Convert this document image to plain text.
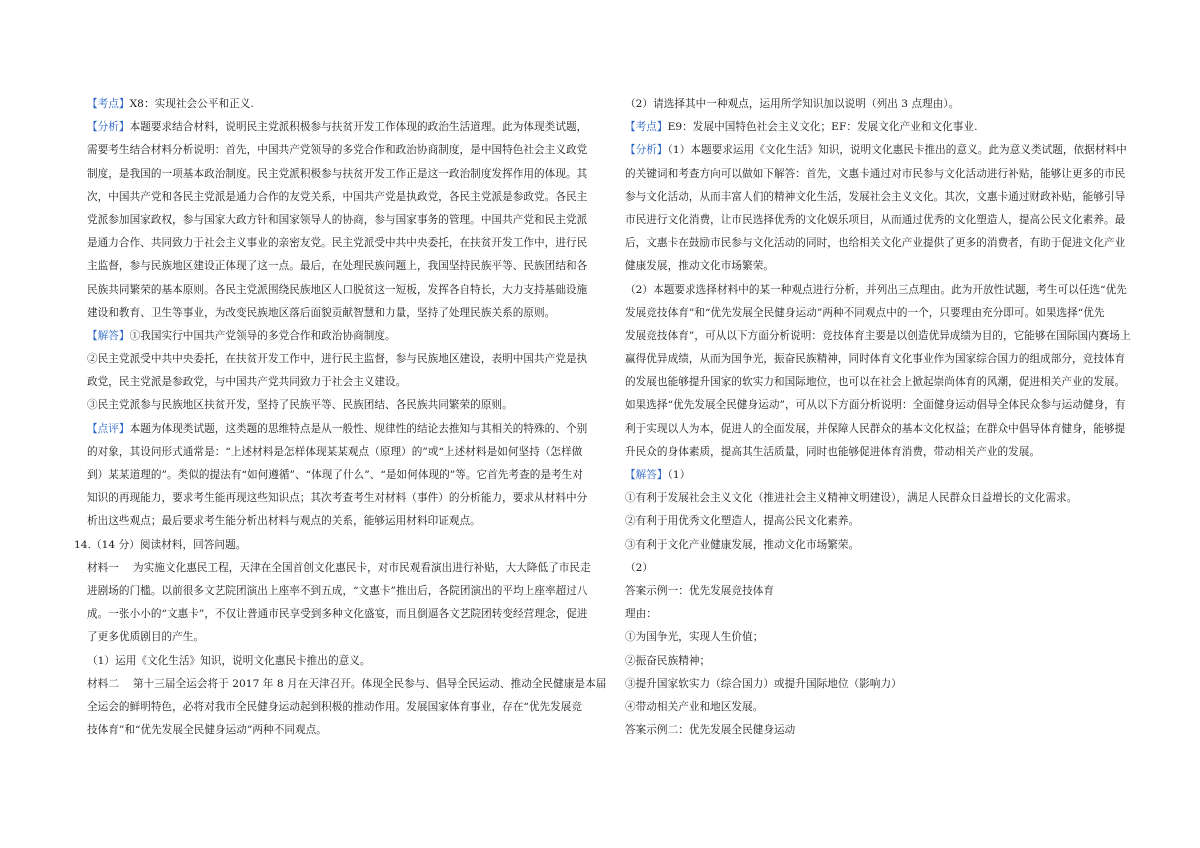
【考点】X8：实现社会公平和正义.
【分析】本题要求结合材料，说明民主党派积极参与扶贫开发工作体现的政治生活道理。此为体现类试题，
需要考生结合材料分析说明：首先，中国共产党领导的多党合作和政治协商制度，是中国特色社会主义政党
制度，是我国的一项基本政治制度。民主党派积极参与扶贫开发工作正是这一政治制度发挥作用的体现。其
次，中国共产党和各民主党派是通力合作的友党关系，中国共产党是执政党，各民主党派是参政党。各民主
党派参加国家政权，参与国家大政方针和国家领导人的协商，参与国家事务的管理。中国共产党和民主党派
是通力合作、共同致力于社会主义事业的亲密友党。民主党派受中共中央委托，在扶贫开发工作中，进行民
主监督，参与民族地区建设正体现了这一点。最后，在处理民族问题上，我国坚持民族平等、民族团结和各
民族共同繁荣的基本原则。各民主党派围绕民族地区人口脱贫这一短板，发挥各自特长，大力支持基础设施
建设和教育、卫生等事业，为改变民族地区落后面貌贡献智慧和力量，坚持了处理民族关系的原则。
【解答】①我国实行中国共产党领导的多党合作和政治协商制度。
②民主党派受中共中央委托，在扶贫开发工作中，进行民主监督，参与民族地区建设，表明中国共产党是执
政党，民主党派是参政党，与中国共产党共同致力于社会主义建设。
③民主党派参与民族地区扶贫开发，坚持了民族平等、民族团结、各民族共同繁荣的原则。
【点评】本题为体现类试题，这类题的思维特点是从一般性、规律性的结论去推知与其相关的特殊的、个别
的对象，其设问形式通常是：“上述材料是怎样体现某某观点（原理）的”或“上述材料是如何坚持（怎样做
到）某某道理的”。类似的提法有“如何遵循”、“体现了什么”、“是如何体现的”等。它首先考查的是考生对
知识的再现能力，要求考生能再现这些知识点；其次考查考生对材料（事件）的分析能力，要求从材料中分
析出这些观点；最后要求考生能分析出材料与观点的关系，能够运用材料印证观点。
14.（14 分）阅读材料，回答问题。
材料一　 为实施文化惠民工程，天津在全国首创文化惠民卡，对市民观看演出进行补贴，大大降低了市民走
进剧场的门槛。以前很多文艺院团演出上座率不到五成，“文惠卡”推出后，各院团演出的平均上座率超过八
成。一张小小的“文惠卡”，不仅让普通市民享受到多种文化盛宴，而且倒逼各文艺院团转变经营理念，促进
了更多优质剧目的产生。
（1）运用《文化生活》知识，说明文化惠民卡推出的意义。
材料二　 第十三届全运会将于 2017 年 8 月在天津召开。体现全民参与、倡导全民运动、推动全民健康是本届
全运会的鲜明特色，必将对我市全民健身运动起到积极的推动作用。发展国家体育事业，存在“优先发展竞
技体育”和“优先发展全民健身运动”两种不同观点。
（2）请选择其中一种观点，运用所学知识加以说明（列出 3 点理由）。
【考点】E9：发展中国特色社会主义文化；EF：发展文化产业和文化事业.
【分析】（1）本题要求运用《文化生活》知识，说明文化惠民卡推出的意义。此为意义类试题，依据材料中
的关键词和考查方向可以做如下解答：首先，文惠卡通过对市民参与文化活动进行补贴，能够让更多的市民
参与文化活动，从而丰富人们的精神文化生活，发展社会主义文化。其次，文惠卡通过财政补贴，能够引导
市民进行文化消费，让市民选择优秀的文化娱乐项目，从而通过优秀的文化塑造人，提高公民文化素养。最
后，文惠卡在鼓励市民参与文化活动的同时，也给相关文化产业提供了更多的消费者，有助于促进文化产业
健康发展，推动文化市场繁荣。
（2）本题要求选择材料中的某一种观点进行分析，并列出三点理由。此为开放性试题，考生可以任选“优先
发展竞技体育”和“优先发展全民健身运动”两种不同观点中的一个，只要理由充分即可。如果选择“优先
发展竞技体育”，可从以下方面分析说明：竞技体育主要是以创造优异成绩为目的，它能够在国际国内赛场上
赢得优异成绩，从而为国争光，振奋民族精神，同时体育文化事业作为国家综合国力的组成部分，竞技体育
的发展也能够提升国家的软实力和国际地位，也可以在社会上掀起崇尚体育的风潮，促进相关产业的发展。
如果选择“优先发展全民健身运动”，可从以下方面分析说明：全面健身运动倡导全体民众参与运动健身，有
利于实现以人为本，促进人的全面发展，并保障人民群众的基本文化权益；在群众中倡导体育健身，能够提
升民众的身体素质，提高其生活质量，同时也能够促进体育消费，带动相关产业的发展。
【解答】（1）
①有利于发展社会主义文化（推进社会主义精神文明建设），满足人民群众日益增长的文化需求。
②有利于用优秀文化塑造人，提高公民文化素养。
③有利于文化产业健康发展，推动文化市场繁荣。
（2）
答案示例一：优先发展竞技体育
理由：
①为国争光，实现人生价值；
②振奋民族精神；
③提升国家软实力（综合国力）或提升国际地位（影响力）
④带动相关产业和地区发展。
答案示例二：优先发展全民健身运动
